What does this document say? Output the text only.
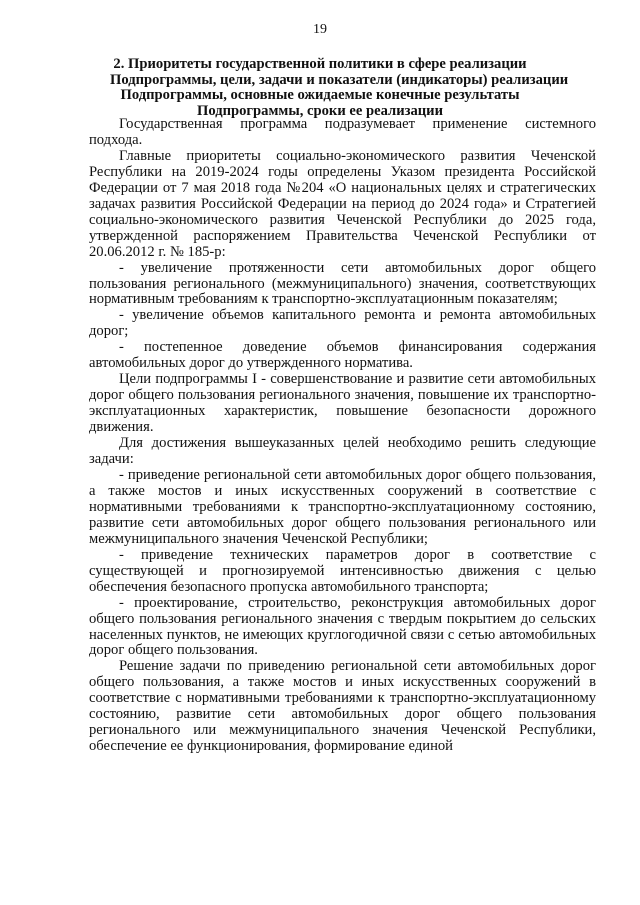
19
2. Приоритеты государственной политики в сфере реализации
Подпрограммы, цели, задачи и показатели (индикаторы) реализации
Подпрограммы, основные ожидаемые конечные результаты
Подпрограммы, сроки ее реализации

Государственная программа подразумевает применение системного подхода.

Главные приоритеты социально-экономического развития Чеченской Республики на 2019-2024 годы определены Указом президента Российской Федерации от 7 мая 2018 года №204 «О национальных целях и стратегических задачах развития Российской Федерации на период до 2024 года» и Стратегией социально-экономического развития Чеченской Республики до 2025 года, утвержденной распоряжением Правительства Чеченской Республики от 20.06.2012 г. № 185-р:

- увеличение протяженности сети автомобильных дорог общего пользования регионального (межмуниципального) значения, соответствующих нормативным требованиям к транспортно-эксплуатационным показателям;

- увеличение объемов капитального ремонта и ремонта автомобильных дорог;

- постепенное доведение объемов финансирования содержания автомобильных дорог до утвержденного норматива.

Цели подпрограммы I - совершенствование и развитие сети автомобильных дорог общего пользования регионального значения, повышение их транспортно-эксплуатационных характеристик, повышение безопасности дорожного движения.

Для достижения вышеуказанных целей необходимо решить следующие задачи:

- приведение региональной сети автомобильных дорог общего пользования, а также мостов и иных искусственных сооружений в соответствие с нормативными требованиями к транспортно-эксплуатационному состоянию, развитие сети автомобильных дорог общего пользования регионального или межмуниципального значения Чеченской Республики;

- приведение технических параметров дорог в соответствие с существующей и прогнозируемой интенсивностью движения с целью обеспечения безопасного пропуска автомобильного транспорта;

- проектирование, строительство, реконструкция автомобильных дорог общего пользования регионального значения с твердым покрытием до сельских населенных пунктов, не имеющих круглогодичной связи с сетью автомобильных дорог общего пользования.

Решение задачи по приведению региональной сети автомобильных дорог общего пользования, а также мостов и иных искусственных сооружений в соответствие с нормативными требованиями к транспортно-эксплуатационному состоянию, развитие сети автомобильных дорог общего пользования регионального или межмуниципального значения Чеченской Республики, обеспечение ее функционирования, формирование единой
